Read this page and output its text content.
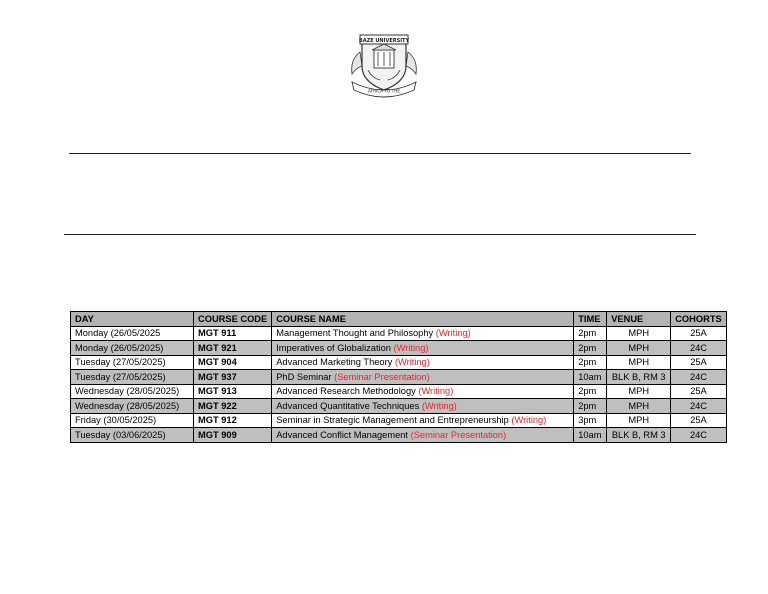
BAZE UNIVERSITY
AFRICA TO THE
DAY	COURSE CODE	COURSE NAME	TIME	VENUE	COHORTS
Monday (26/05/2025	MGT 911	Management Thought and Philosophy (Writing)	2pm	MPH	25A
Monday (26/05/2025)	MGT 921	Imperatives of Globalization (Writing)	2pm	MPH	24C
Tuesday (27/05/2025)	MGT 904	Advanced Marketing Theory (Writing)	2pm	MPH	25A
Tuesday (27/05/2025)	MGT 937	PhD Seminar (Seminar Presentation)	10am	BLK B, RM 3	24C
Wednesday (28/05/2025)	MGT 913	Advanced Research Methodology (Writing)	2pm	MPH	25A
Wednesday (28/05/2025)	MGT 922	Advanced Quantitative Techniques (Writing)	2pm	MPH	24C
Friday (30/05/2025)	MGT 912	Seminar in Strategic Management and Entrepreneurship (Writing)	3pm	MPH	25A
Tuesday (03/06/2025)	MGT 909	Advanced Conflict Management (Seminar Presentation)	10am	BLK B, RM 3	24C
